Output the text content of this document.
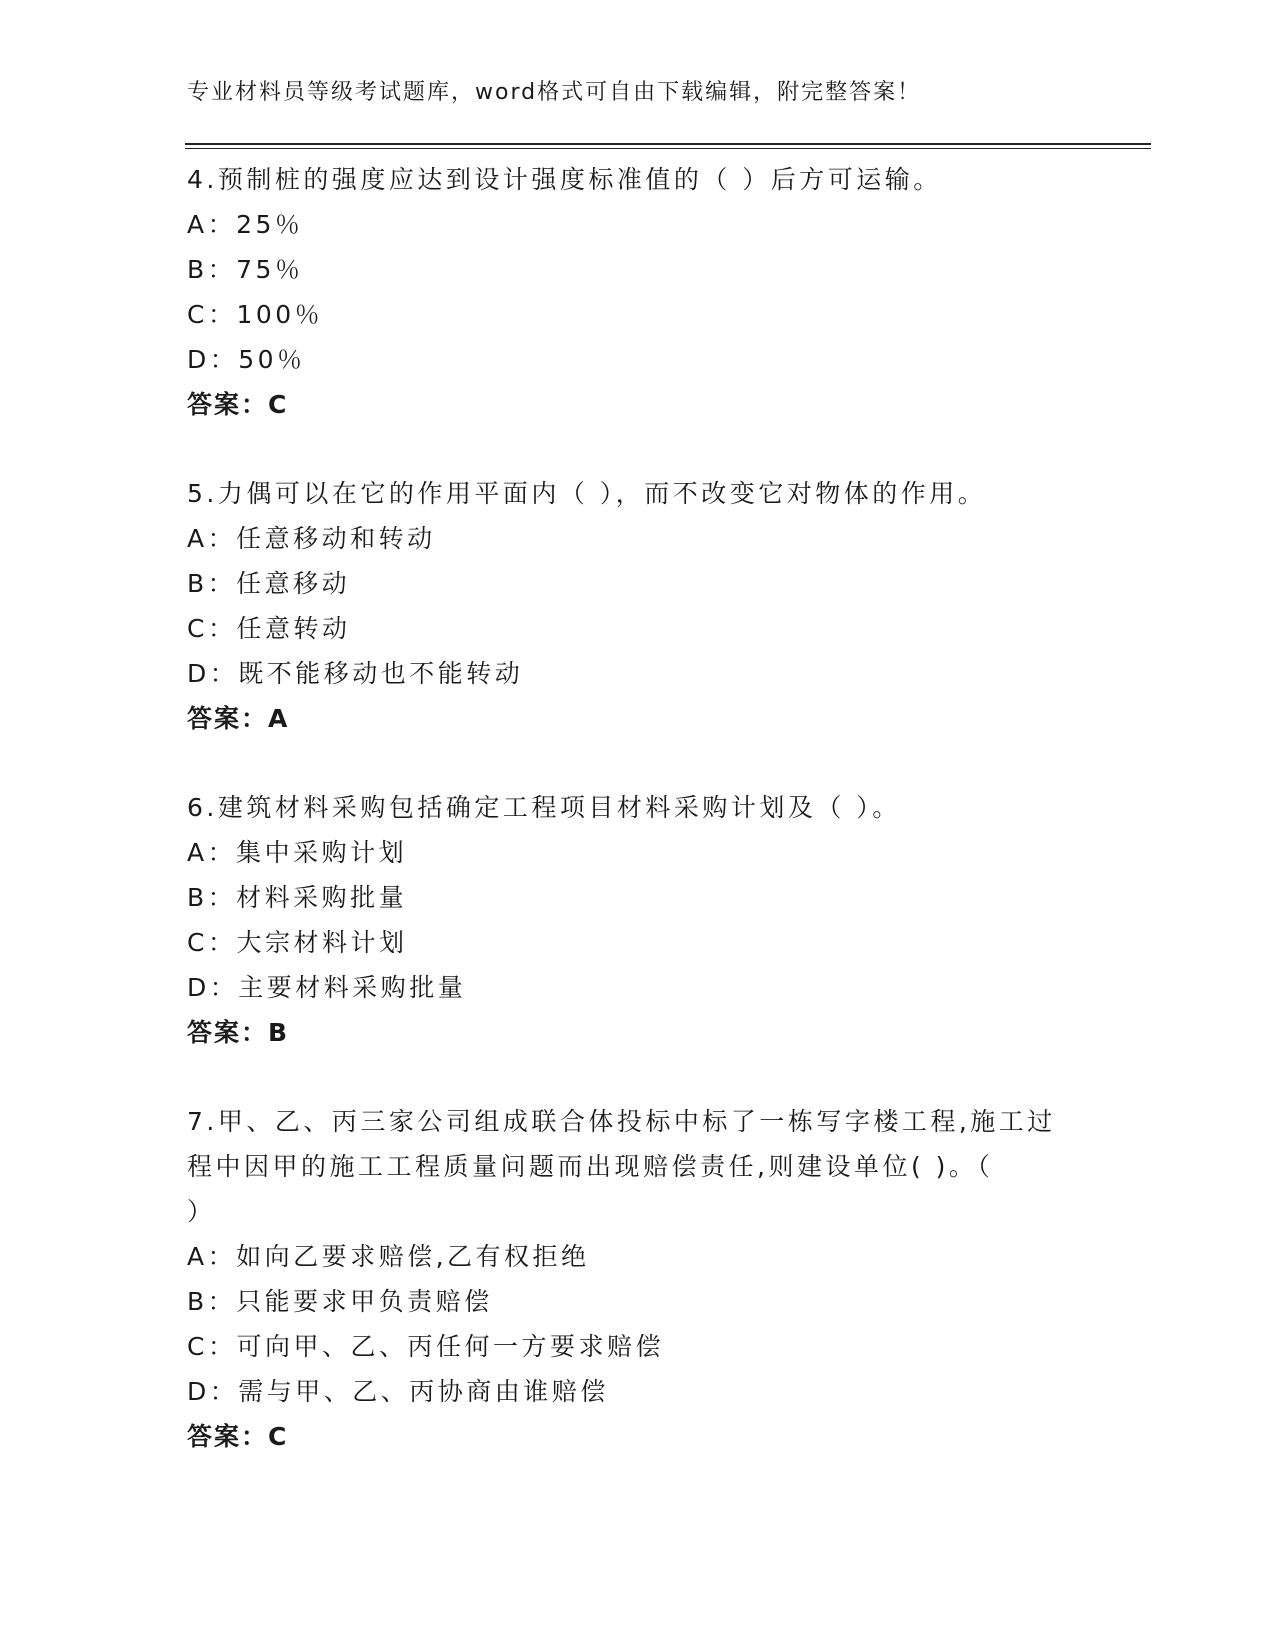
专业材料员等级考试题库，word格式可自由下载编辑，附完整答案！
4.预制桩的强度应达到设计强度标准值的（ ）后方可运输。
A：25％
B：75％
C：100％
D：50％
答案：C
5.力偶可以在它的作用平面内（ ），而不改变它对物体的作用。
A：任意移动和转动
B：任意移动
C：任意转动
D：既不能移动也不能转动
答案：A
6.建筑材料采购包括确定工程项目材料采购计划及（ ）。
A：集中采购计划
B：材料采购批量
C：大宗材料计划
D：主要材料采购批量
答案：B
7.甲、乙、丙三家公司组成联合体投标中标了一栋写字楼工程,施工过
程中因甲的施工工程质量问题而出现赔偿责任,则建设单位( )。（
）
A：如向乙要求赔偿,乙有权拒绝
B：只能要求甲负责赔偿
C：可向甲、乙、丙任何一方要求赔偿
D：需与甲、乙、丙协商由谁赔偿
答案：C
